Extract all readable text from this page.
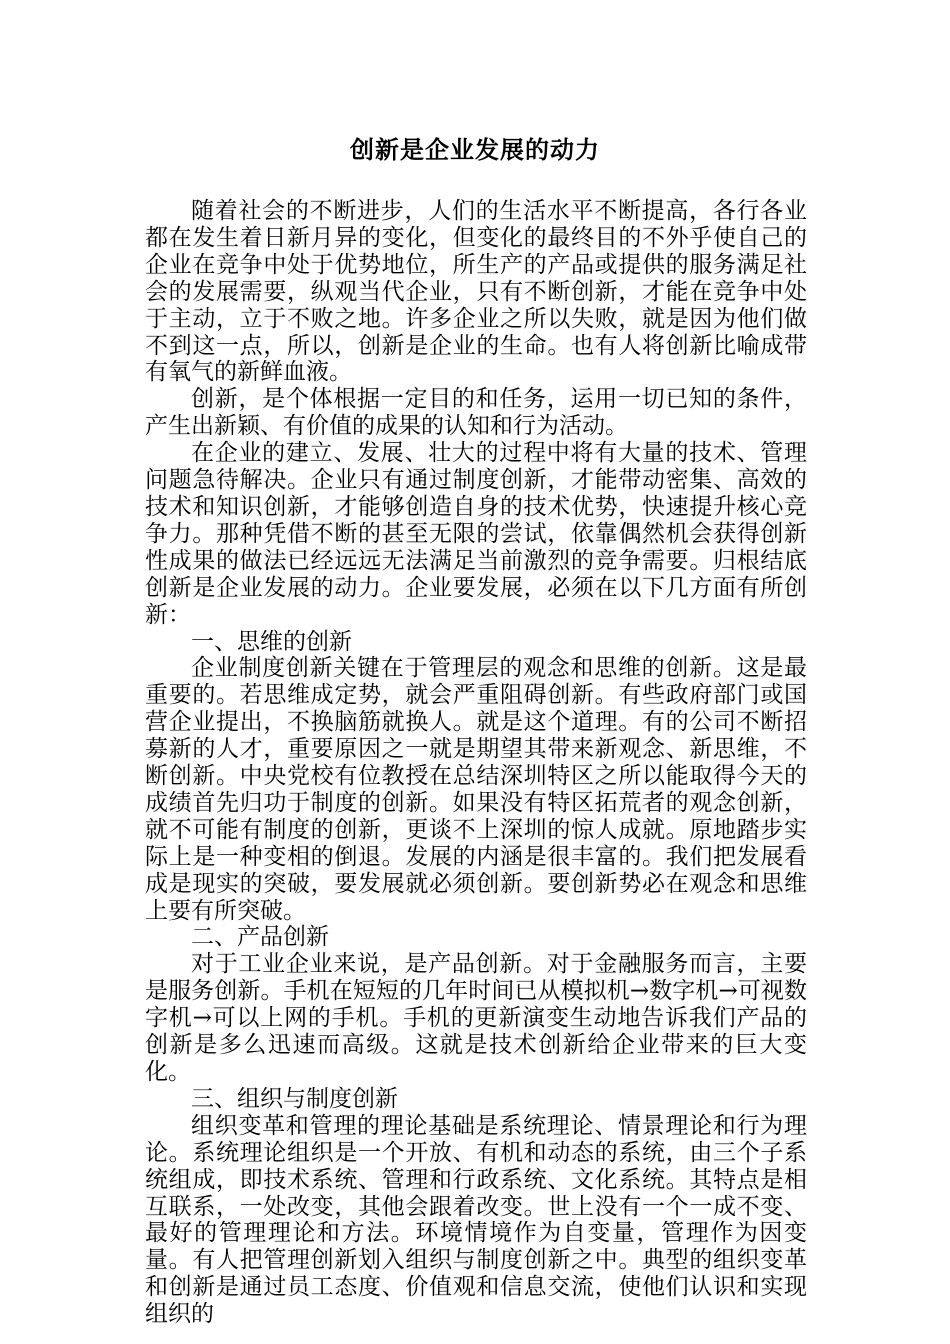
创新是企业发展的动力

随着社会的不断进步，人们的生活水平不断提高，各行各业都在发生着日新月异的变化，但变化的最终目的不外乎使自己的企业在竞争中处于优势地位，所生产的产品或提供的服务满足社会的发展需要，纵观当代企业，只有不断创新，才能在竞争中处于主动，立于不败之地。许多企业之所以失败，就是因为他们做不到这一点，所以，创新是企业的生命。也有人将创新比喻成带有氧气的新鲜血液。

创新，是个体根据一定目的和任务，运用一切已知的条件，产生出新颖、有价值的成果的认知和行为活动。

在企业的建立、发展、壮大的过程中将有大量的技术、管理问题急待解决。企业只有通过制度创新，才能带动密集、高效的技术和知识创新，才能够创造自身的技术优势，快速提升核心竞争力。那种凭借不断的甚至无限的尝试，依靠偶然机会获得创新性成果的做法已经远远无法满足当前激烈的竞争需要。归根结底创新是企业发展的动力。企业要发展，必须在以下几方面有所创新：

一、思维的创新

企业制度创新关键在于管理层的观念和思维的创新。这是最重要的。若思维成定势，就会严重阻碍创新。有些政府部门或国营企业提出，不换脑筋就换人。就是这个道理。有的公司不断招募新的人才，重要原因之一就是期望其带来新观念、新思维，不断创新。中央党校有位教授在总结深圳特区之所以能取得今天的成绩首先归功于制度的创新。如果没有特区拓荒者的观念创新，就不可能有制度的创新，更谈不上深圳的惊人成就。原地踏步实际上是一种变相的倒退。发展的内涵是很丰富的。我们把发展看成是现实的突破，要发展就必须创新。要创新势必在观念和思维上要有所突破。

二、产品创新

对于工业企业来说，是产品创新。对于金融服务而言，主要是服务创新。手机在短短的几年时间已从模拟机→数字机→可视数字机→可以上网的手机。手机的更新演变生动地告诉我们产品的创新是多么迅速而高级。这就是技术创新给企业带来的巨大变化。

三、组织与制度创新

组织变革和管理的理论基础是系统理论、情景理论和行为理论。系统理论组织是一个开放、有机和动态的系统，由三个子系统组成，即技术系统、管理和行政系统、文化系统。其特点是相互联系，一处改变，其他会跟着改变。世上没有一个一成不变、最好的管理理论和方法。环境情境作为自变量，管理作为因变量。有人把管理创新划入组织与制度创新之中。典型的组织变革和创新是通过员工态度、价值观和信息交流，使他们认识和实现组织的
